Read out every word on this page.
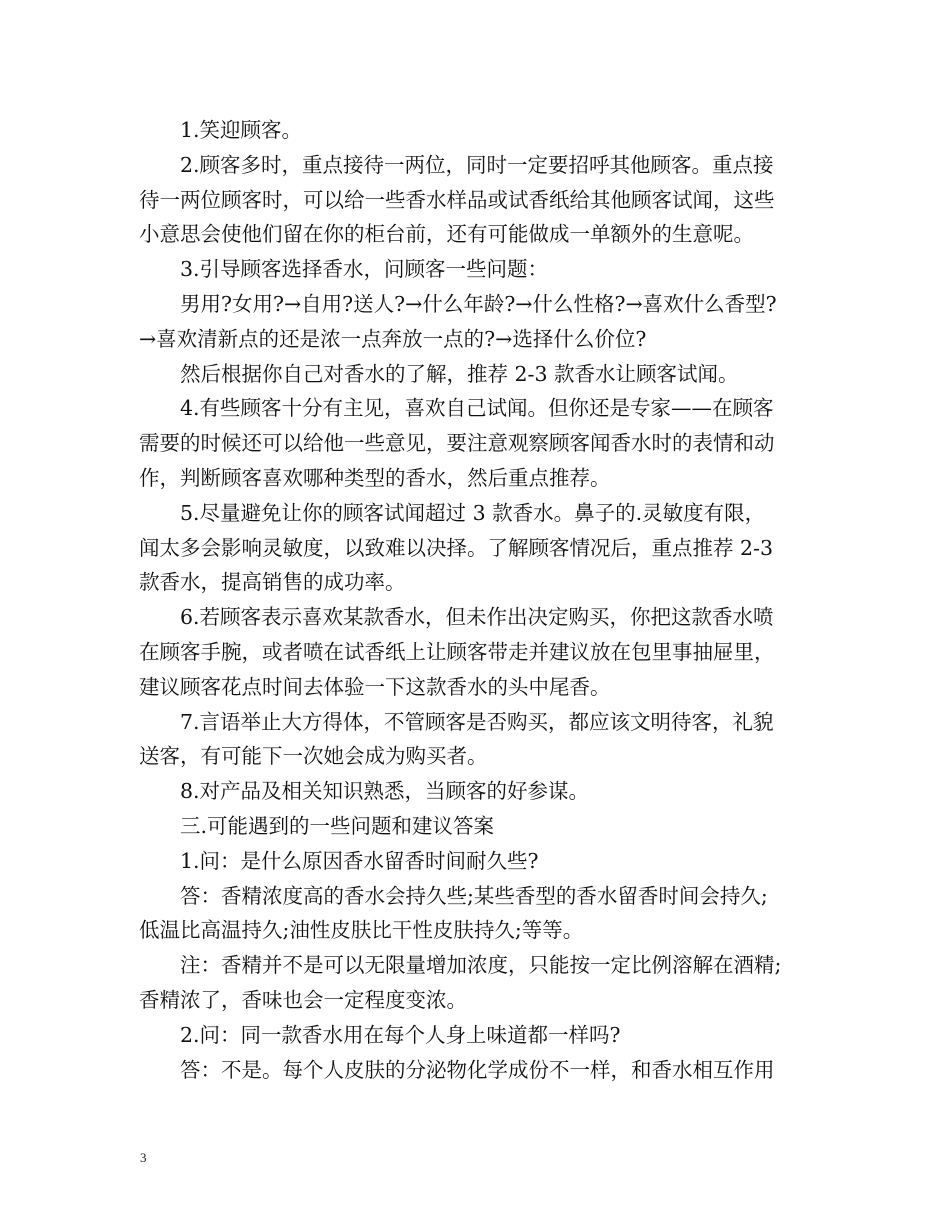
1.笑迎顾客。
2.顾客多时，重点接待一两位，同时一定要招呼其他顾客。重点接
待一两位顾客时，可以给一些香水样品或试香纸给其他顾客试闻，这些
小意思会使他们留在你的柜台前，还有可能做成一单额外的生意呢。
3.引导顾客选择香水，问顾客一些问题：
男用?女用?→自用?送人?→什么年龄?→什么性格?→喜欢什么香型?
→喜欢清新点的还是浓一点奔放一点的?→选择什么价位?
然后根据你自己对香水的了解，推荐 2-3 款香水让顾客试闻。
4.有些顾客十分有主见，喜欢自己试闻。但你还是专家——在顾客
需要的时候还可以给他一些意见，要注意观察顾客闻香水时的表情和动
作，判断顾客喜欢哪种类型的香水，然后重点推荐。
5.尽量避免让你的顾客试闻超过 3 款香水。鼻子的.灵敏度有限，
闻太多会影响灵敏度，以致难以决择。了解顾客情况后，重点推荐 2-3
款香水，提高销售的成功率。
6.若顾客表示喜欢某款香水，但未作出决定购买，你把这款香水喷
在顾客手腕，或者喷在试香纸上让顾客带走并建议放在包里事抽屉里，
建议顾客花点时间去体验一下这款香水的头中尾香。
7.言语举止大方得体，不管顾客是否购买，都应该文明待客，礼貌
送客，有可能下一次她会成为购买者。
8.对产品及相关知识熟悉，当顾客的好参谋。
三.可能遇到的一些问题和建议答案
1.问：是什么原因香水留香时间耐久些?
答：香精浓度高的香水会持久些;某些香型的香水留香时间会持久;
低温比高温持久;油性皮肤比干性皮肤持久;等等。
注：香精并不是可以无限量增加浓度，只能按一定比例溶解在酒精;
香精浓了，香味也会一定程度变浓。
2.问：同一款香水用在每个人身上味道都一样吗?
答：不是。每个人皮肤的分泌物化学成份不一样，和香水相互作用
3
